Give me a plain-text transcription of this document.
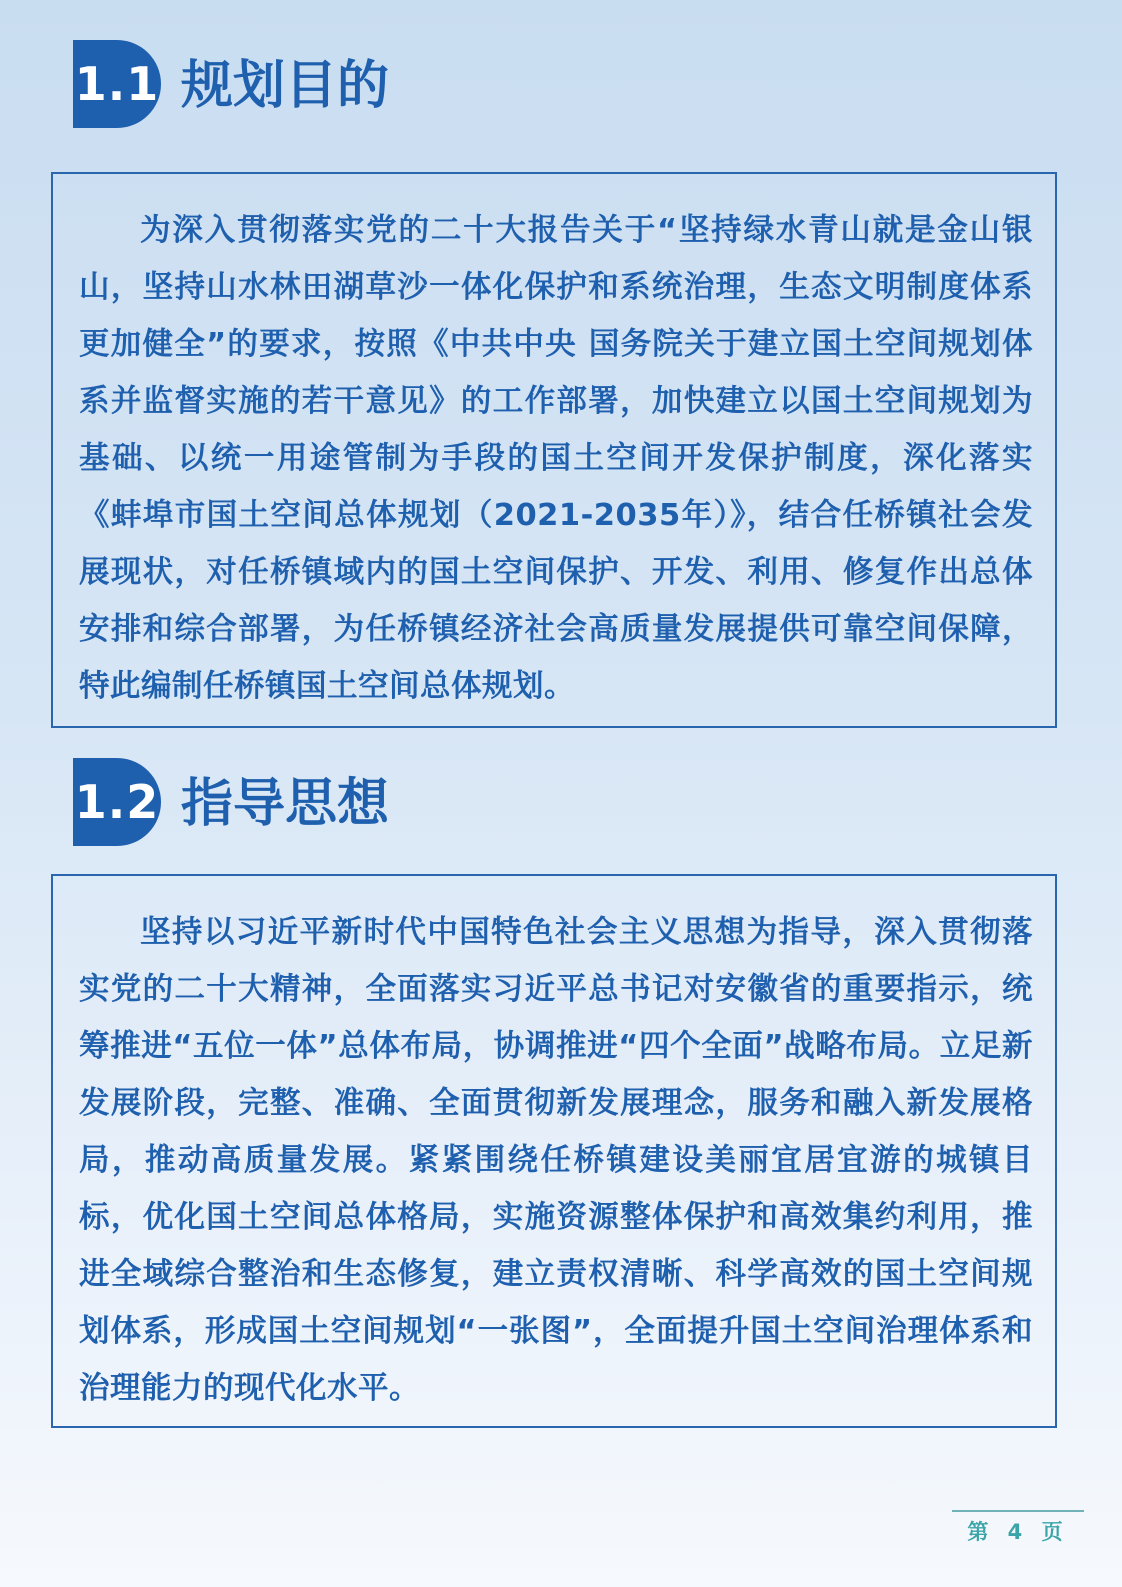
1.1 规划目的

为深入贯彻落实党的二十大报告关于“坚持绿水青山就是金山银山，坚持山水林田湖草沙一体化保护和系统治理，生态文明制度体系更加健全”的要求，按照《中共中央 国务院关于建立国土空间规划体系并监督实施的若干意见》的工作部署，加快建立以国土空间规划为基础、以统一用途管制为手段的国土空间开发保护制度，深化落实《蚌埠市国土空间总体规划（2021-2035年）》，结合任桥镇社会发展现状，对任桥镇域内的国土空间保护、开发、利用、修复作出总体安排和综合部署，为任桥镇经济社会高质量发展提供可靠空间保障，特此编制任桥镇国土空间总体规划。

1.2 指导思想

坚持以习近平新时代中国特色社会主义思想为指导，深入贯彻落实党的二十大精神，全面落实习近平总书记对安徽省的重要指示，统筹推进“五位一体”总体布局，协调推进“四个全面”战略布局。立足新发展阶段，完整、准确、全面贯彻新发展理念，服务和融入新发展格局，推动高质量发展。紧紧围绕任桥镇建设美丽宜居宜游的城镇目标，优化国土空间总体格局，实施资源整体保护和高效集约利用，推进全域综合整治和生态修复，建立责权清晰、科学高效的国土空间规划体系，形成国土空间规划“一张图”，全面提升国土空间治理体系和治理能力的现代化水平。

第 4 页
